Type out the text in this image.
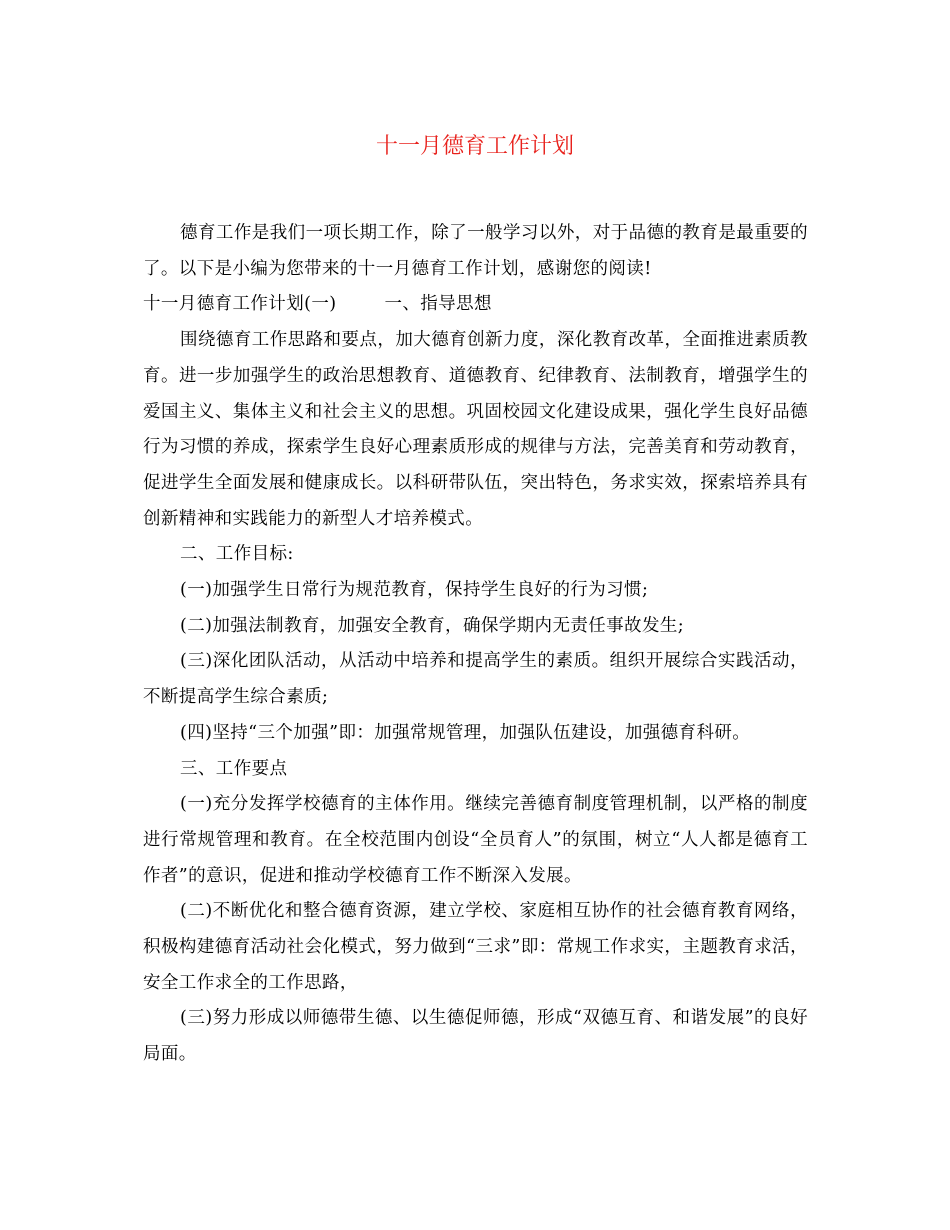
十一月德育工作计划

德育工作是我们一项长期工作，除了一般学习以外，对于品德的教育是最重要的了。以下是小编为您带来的十一月德育工作计划，感谢您的阅读!

十一月德育工作计划(一)	一、指导思想

围绕德育工作思路和要点，加大德育创新力度，深化教育改革，全面推进素质教育。进一步加强学生的政治思想教育、道德教育、纪律教育、法制教育，增强学生的爱国主义、集体主义和社会主义的思想。巩固校园文化建设成果，强化学生良好品德行为习惯的养成，探索学生良好心理素质形成的规律与方法，完善美育和劳动教育，促进学生全面发展和健康成长。以科研带队伍，突出特色，务求实效，探索培养具有创新精神和实践能力的新型人才培养模式。

二、工作目标:

(一)加强学生日常行为规范教育，保持学生良好的行为习惯;

(二)加强法制教育，加强安全教育，确保学期内无责任事故发生;

(三)深化团队活动，从活动中培养和提高学生的素质。组织开展综合实践活动，不断提高学生综合素质;

(四)坚持“三个加强”即：加强常规管理，加强队伍建设，加强德育科研。

三、工作要点

(一)充分发挥学校德育的主体作用。继续完善德育制度管理机制，以严格的制度进行常规管理和教育。在全校范围内创设“全员育人”的氛围，树立“人人都是德育工作者”的意识，促进和推动学校德育工作不断深入发展。

(二)不断优化和整合德育资源，建立学校、家庭相互协作的社会德育教育网络，积极构建德育活动社会化模式，努力做到“三求”即：常规工作求实，主题教育求活，安全工作求全的工作思路，

(三)努力形成以师德带生德、以生德促师德，形成“双德互育、和谐发展”的良好局面。
